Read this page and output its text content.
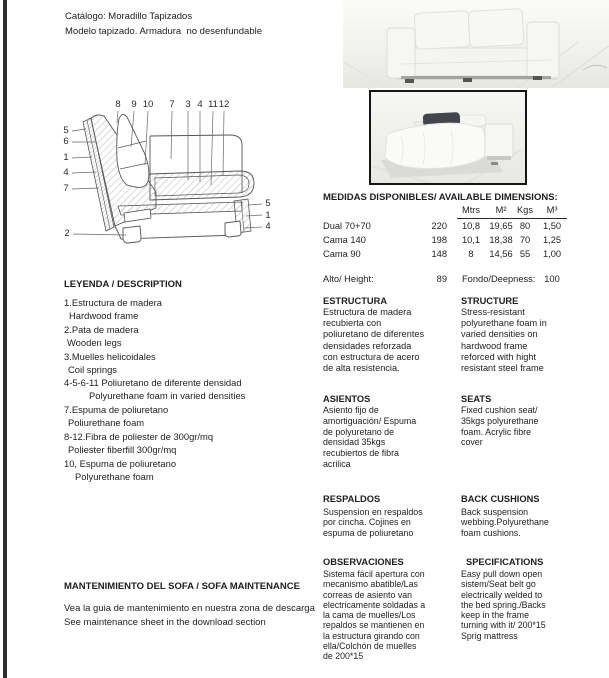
Catálogo: Moradillo Tapizados
Modelo tapizado. Armadura  no desenfundable
8 9 10 7 3 4 11 12
5
6
1
4
7
2
5
1
4
MEDIDAS DISPONIBLES/ AVAILABLE DIMENSIONS:
Mtrs	M²	Kgs	M³
Dual 70+70	220	10,8	19,65 80	1,50
Cama 140	198	10,1	18,38 70	1,25
Cama 90	148	8	14,56 55	1,00
Alto/ Height:	89 Fondo/Deepness: 100
LEYENDA / DESCRIPTION
1.Estructura de madera
Hardwood frame
2.Pata de madera
Wooden legs
3.Muelles helicoidales
Coil springs
4-5-6-11 Poliuretano de diferente densidad
Polyurethane foam in varied densities
7.Espuma de poliuretano
Poliurethane foam
8-12.Fibra de poliester de 300gr/mq
Poliester fiberfill 300gr/mq
10, Espuma de poliuretano
Polyurethane foam
ESTRUCTURA
Estructura de madera recubierta con poliuretano de diferentes densidades reforzada con estructura de acero de alta resistencia.
STRUCTURE
Stress-resistant polyurethane foam in varied densities on hardwood frame reforced with hight resistant steel frame
ASIENTOS
Asiento fijo de amortiguación/ Espuma de polyuretano de densidad 35kgs recubiertos de fibra acrilica
SEATS
Fixed cushion seat/ 35kgs polyurethane foam. Acrylic fibre cover
RESPALDOS
Suspension en respaldos por cincha. Cojines en espuma de poliuretano
BACK CUSHIONS
Back suspension webbing.Polyurethane foam cushions.
OBSERVACIONES
Sistema fácil apertura con mecanismo abatible/Las correas de asiento van electricamente soldadas a la cama de muelles/Los repaldos se mantienen en la estructura girando con ella/Colchón de muelles de 200*15
SPECIFICATIONS
Easy pull down open sistem/Seat belt go electrically welded to the bed spring./Backs keep in the frame turning with it/ 200*15 Sprig mattress
MANTENIMIENTO DEL SOFA / SOFA MAINTENANCE
Vea la guia de mantenimiento en nuestra zona de descarga
See maintenance sheet in the download section
